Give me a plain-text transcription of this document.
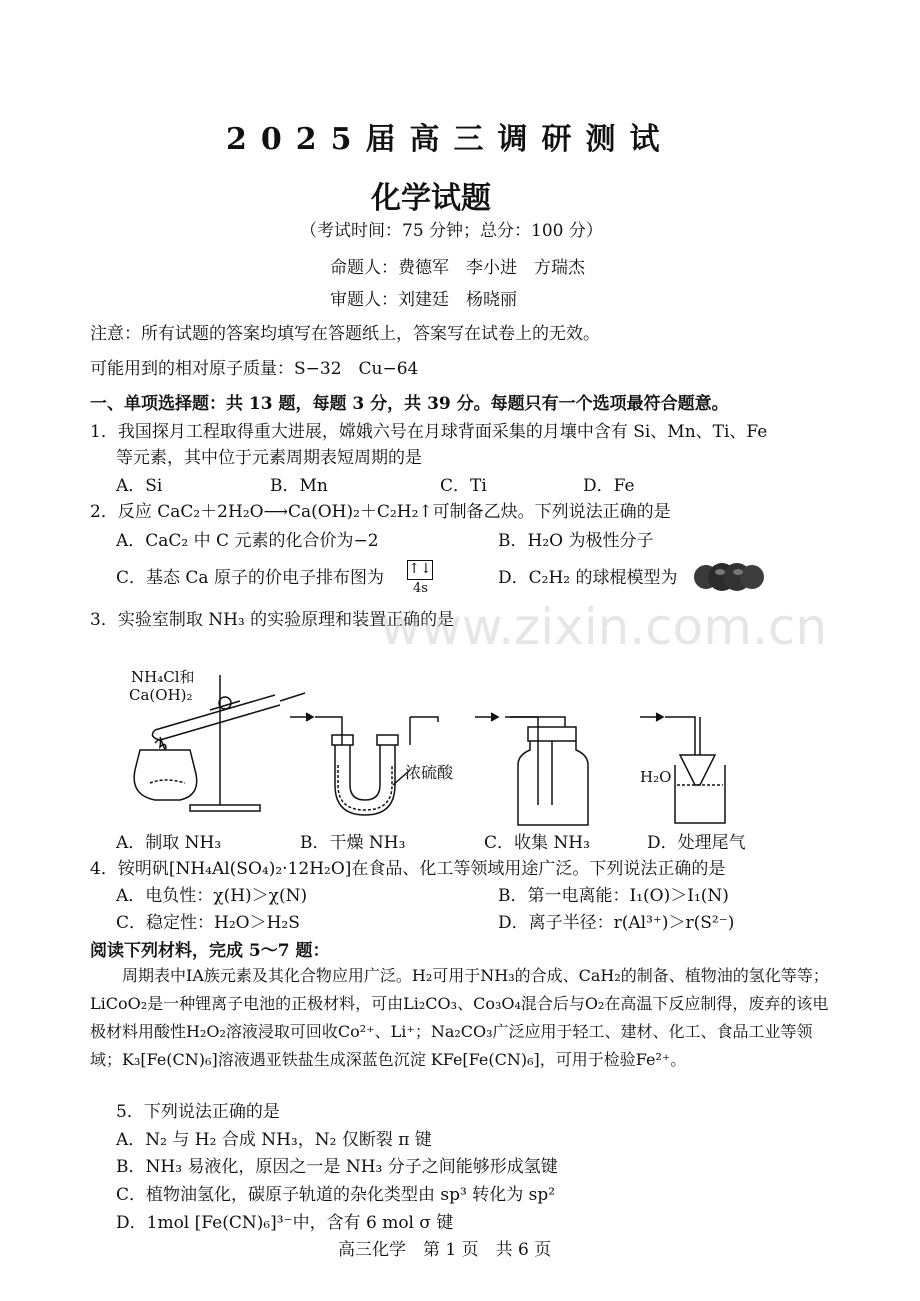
2025届高三调研测试
化学试题
（考试时间：75 分钟；总分：100 分）
命题人：费德军　李小进　方瑞杰
审题人：刘建廷　杨晓丽
注意：所有试题的答案均填写在答题纸上，答案写在试卷上的无效。
可能用到的相对原子质量：S−32　Cu−64
一、单项选择题：共 13 题，每题 3 分，共 39 分。每题只有一个选项最符合题意。
1．我国探月工程取得重大进展，嫦娥六号在月球背面采集的月壤中含有 Si、Mn、Ti、Fe
等元素，其中位于元素周期表短周期的是
A．Si	B．Mn	C．Ti	D．Fe
2．反应 CaC₂＋2H₂O⟶Ca(OH)₂＋C₂H₂↑可制备乙炔。下列说法正确的是
A．CaC₂ 中 C 元素的化合价为−2	B．H₂O 为极性分子
C．基态 Ca 原子的价电子排布图为 ↑↓
4s
D．C₂H₂ 的球棍模型为
3．实验室制取 NH₃ 的实验原理和装置正确的是
NH₄Cl和
Ca(OH)₂
浓硫酸	H₂O
A．制取 NH₃	B．干燥 NH₃	C．收集 NH₃	D．处理尾气
4．铵明矾[NH₄Al(SO₄)₂·12H₂O]在食品、化工等领域用途广泛。下列说法正确的是
A．电负性：χ(H)＞χ(N)	B．第一电离能：I₁(O)＞I₁(N)
C．稳定性：H₂O＞H₂S	D．离子半径：r(Al³⁺)＞r(S²⁻)
阅读下列材料，完成 5～7 题：
周期表中ⅠA族元素及其化合物应用广泛。H₂可用于NH₃的合成、CaH₂的制备、植物油的氢化等等；LiCoO₂是一种锂离子电池的正极材料，可由Li₂CO₃、Co₃O₄混合后与O₂在高温下反应制得，废弃的该电极材料用酸性H₂O₂溶液浸取可回收Co²⁺、Li⁺；Na₂CO₃广泛应用于轻工、建材、化工、食品工业等领域；K₃[Fe(CN)₆]溶液遇亚铁盐生成深蓝色沉淀 KFe[Fe(CN)₆]，可用于检验Fe²⁺。
5．下列说法正确的是
A．N₂ 与 H₂ 合成 NH₃，N₂ 仅断裂 π 键
B．NH₃ 易液化，原因之一是 NH₃ 分子之间能够形成氢键
C．植物油氢化，碳原子轨道的杂化类型由 sp³ 转化为 sp²
D．1mol [Fe(CN)₆]³⁻中，含有 6 mol σ 键
高三化学　第 1 页　共 6 页
www.zixin.com.cn
